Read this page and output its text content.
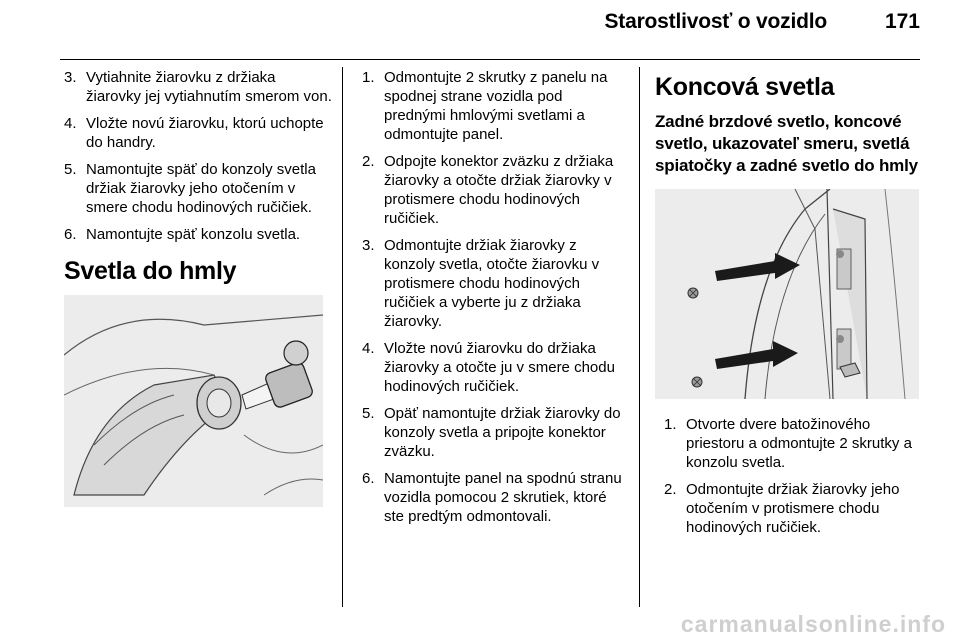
Starostlivosť o vozidlo	171
3. Vytiahnite žiarovku z držiaka žiarovky jej vytiahnutím smerom von.
4. Vložte novú žiarovku, ktorú uchopte do handry.
5. Namontujte späť do konzoly svetla držiak žiarovky jeho otočením v smere chodu hodinových ručičiek.
6. Namontujte späť konzolu svetla.
Svetla do hmly
1. Odmontujte 2 skrutky z panelu na spodnej strane vozidla pod prednými hmlovými svetlami a odmontujte panel.
2. Odpojte konektor zväzku z držiaka žiarovky a otočte držiak žiarovky v protismere chodu hodinových ručičiek.
3. Odmontujte držiak žiarovky z konzoly svetla, otočte žiarovku v protismere chodu hodinových ručičiek a vyberte ju z držiaka žiarovky.
4. Vložte novú žiarovku do držiaka žiarovky a otočte ju v smere chodu hodinových ručičiek.
5. Opäť namontujte držiak žiarovky do konzoly svetla a pripojte konektor zväzku.
6. Namontujte panel na spodnú stranu vozidla pomocou 2 skrutiek, ktoré ste predtým odmontovali.
Koncová svetla
Zadné brzdové svetlo, koncové svetlo, ukazovateľ smeru, svetlá spiatočky a zadné svetlo do hmly
1. Otvorte dvere batožinového priestoru a odmontujte 2 skrutky a konzolu svetla.
2. Odmontujte držiak žiarovky jeho otočením v protismere chodu hodinových ručičiek.
carmanualsonline.info
